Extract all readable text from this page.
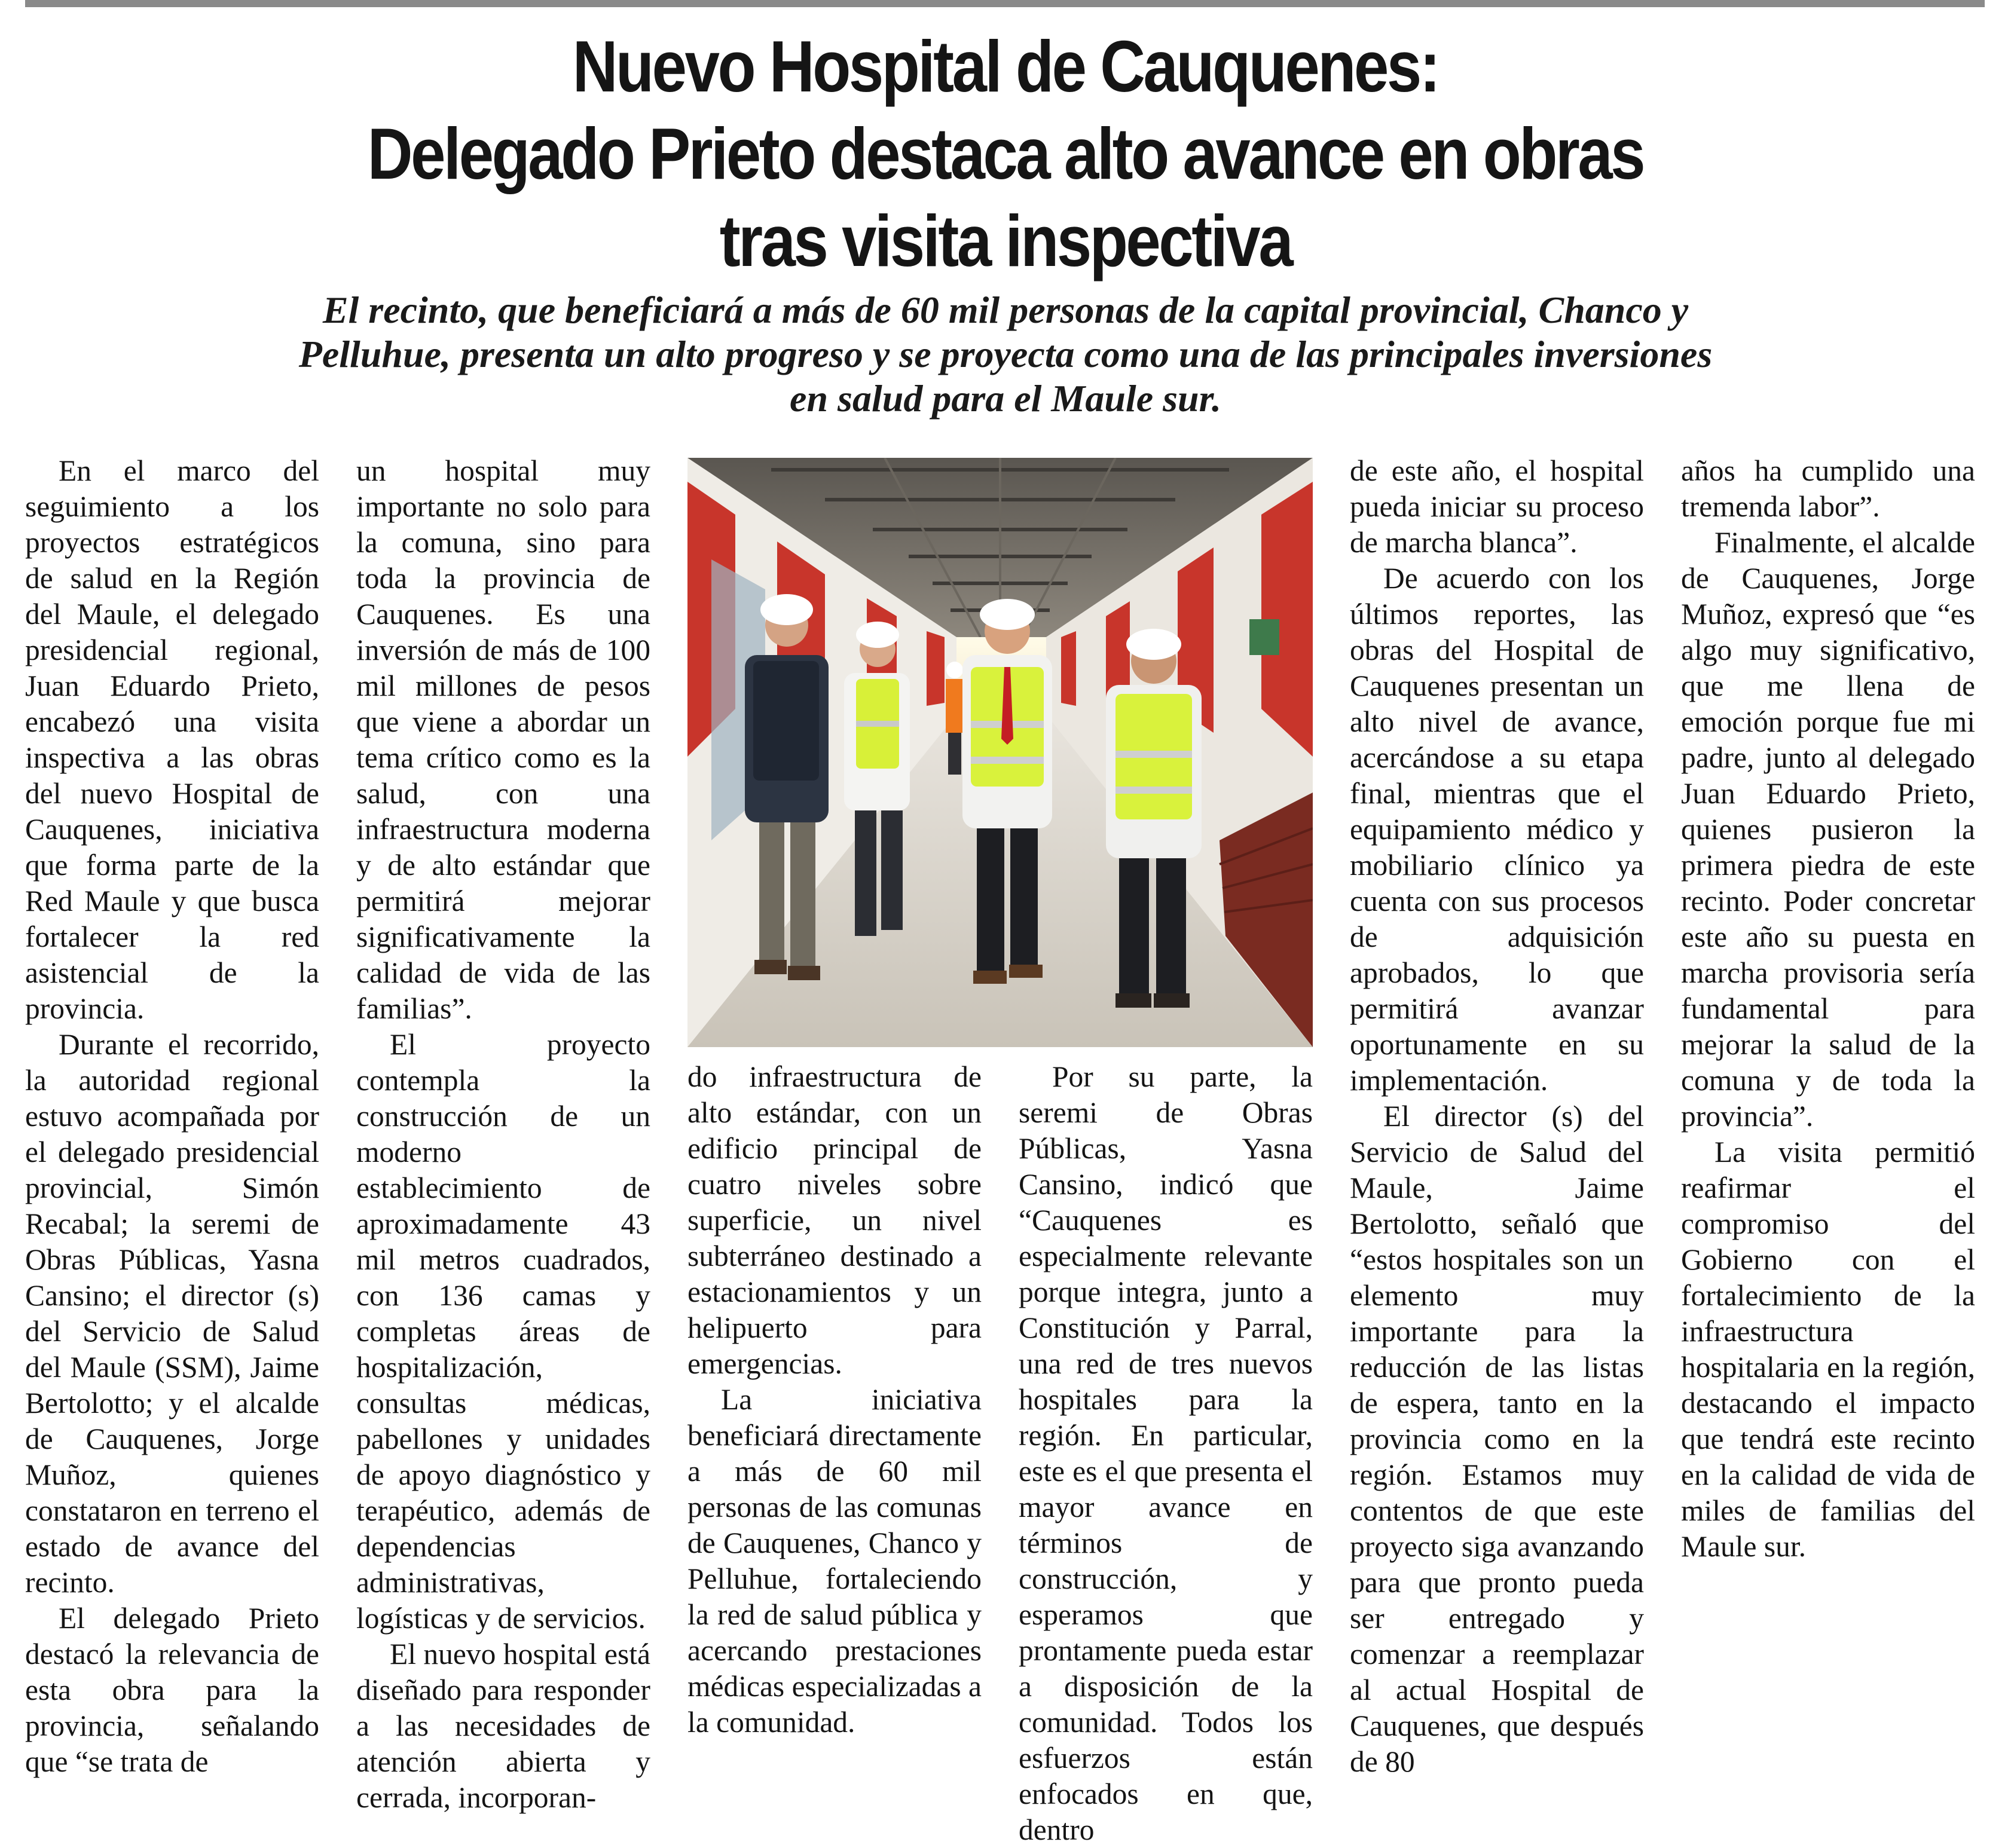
Nuevo Hospital de Cauquenes:
Delegado Prieto destaca alto avance en obras
tras visita inspectiva
El recinto, que beneficiará a más de 60 mil personas de la capital provincial, Chanco y
Pelluhue, presenta un alto progreso y se proyecta como una de las principales inversiones
en salud para el Maule sur.

En el marco del seguimiento a los proyectos estratégicos de salud en la Región del Maule, el delegado presidencial regional, Juan Eduardo Prieto, encabezó una visita inspectiva a las obras del nuevo Hospital de Cauquenes, iniciativa que forma parte de la Red Maule y que busca fortalecer la red asistencial de la provincia.

Durante el recorrido, la autoridad regional estuvo acompañada por el delegado presidencial provincial, Simón Recabal; la seremi de Obras Públicas, Yasna Cansino; el director (s) del Servicio de Salud del Maule (SSM), Jaime Bertolotto; y el alcalde de Cauquenes, Jorge Muñoz, quienes constataron en terreno el estado de avance del recinto.

El delegado Prieto destacó la relevancia de esta obra para la provincia, señalando que “se trata de

un hospital muy importante no solo para la comuna, sino para toda la provincia de Cauquenes. Es una inversión de más de 100 mil millones de pesos que viene a abordar un tema crítico como es la salud, con una infraestructura moderna y de alto estándar que permitirá mejorar significativamente la calidad de vida de las familias”.

El proyecto contempla la construcción de un moderno establecimiento de aproximadamente 43 mil metros cuadrados, con 136 camas y completas áreas de hospitalización, consultas médicas, pabellones y unidades de apoyo diagnóstico y terapéutico, además de dependencias administrativas, logísticas y de servicios.

El nuevo hospital está diseñado para responder a las necesidades de atención abierta y cerrada, incorporan-

do infraestructura de alto estándar, con un edificio principal de cuatro niveles sobre superficie, un nivel subterráneo destinado a estacionamientos y un helipuerto para emergencias.

La iniciativa beneficiará directamente a más de 60 mil personas de las comunas de Cauquenes, Chanco y Pelluhue, fortaleciendo la red de salud pública y acercando prestaciones médicas especializadas a la comunidad.

Por su parte, la seremi de Obras Públicas, Yasna Cansino, indicó que “Cauquenes es especialmente relevante porque integra, junto a Constitución y Parral, una red de tres nuevos hospitales para la región. En particular, este es el que presenta el mayor avance en términos de construcción, y esperamos que prontamente pueda estar a disposición de la comunidad. Todos los esfuerzos están enfocados en que, dentro

de este año, el hospital pueda iniciar su proceso de marcha blanca”.

De acuerdo con los últimos reportes, las obras del Hospital de Cauquenes presentan un alto nivel de avance, acercándose a su etapa final, mientras que el equipamiento médico y mobiliario clínico ya cuenta con sus procesos de adquisición aprobados, lo que permitirá avanzar oportunamente en su implementación.

El director (s) del Servicio de Salud del Maule, Jaime Bertolotto, señaló que “estos hospitales son un elemento muy importante para la reducción de las listas de espera, tanto en la provincia como en la región. Estamos muy contentos de que este proyecto siga avanzando para que pronto pueda ser entregado y comenzar a reemplazar al actual Hospital de Cauquenes, que después de 80

años ha cumplido una tremenda labor”.

Finalmente, el alcalde de Cauquenes, Jorge Muñoz, expresó que “es algo muy significativo, que me llena de emoción porque fue mi padre, junto al delegado Juan Eduardo Prieto, quienes pusieron la primera piedra de este recinto. Poder concretar este año su puesta en marcha provisoria sería fundamental para mejorar la salud de la comuna y de toda la provincia”.

La visita permitió reafirmar el compromiso del Gobierno con el fortalecimiento de la infraestructura hospitalaria en la región, destacando el impacto que tendrá este recinto en la calidad de vida de miles de familias del Maule sur.
